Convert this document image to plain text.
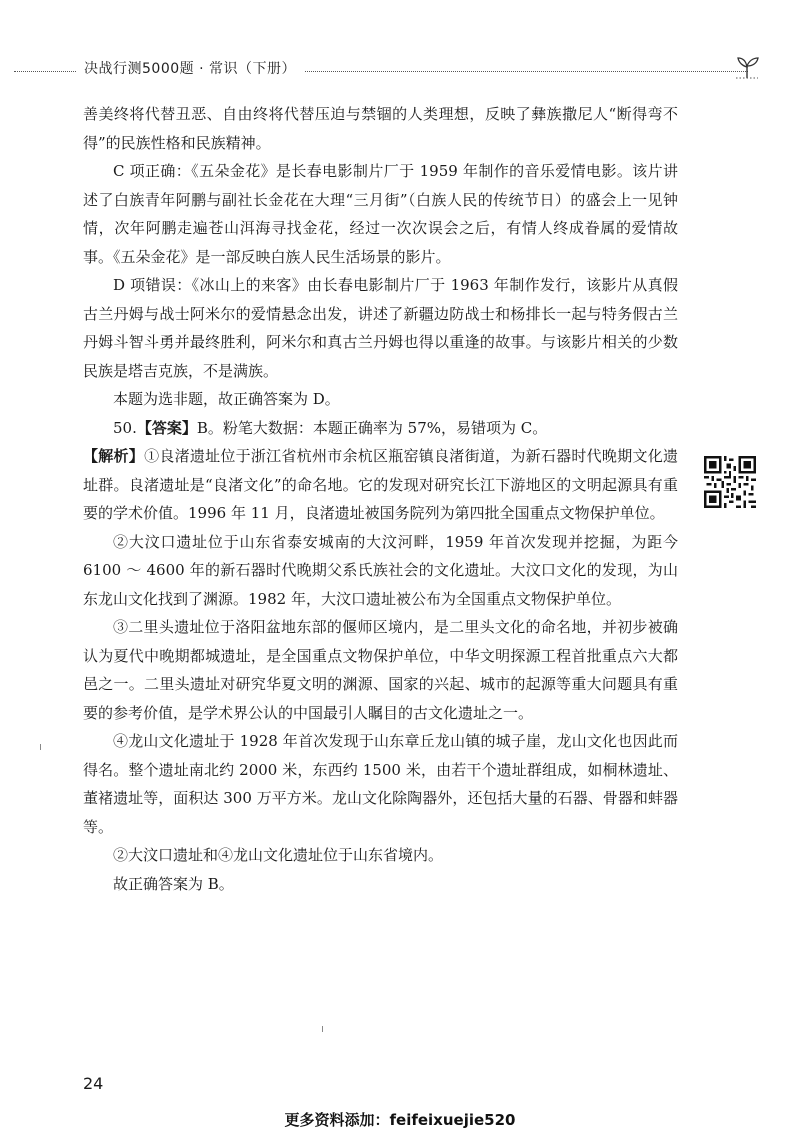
决战行测5000题 · 常识（下册）

善美终将代替丑恶、自由终将代替压迫与禁锢的人类理想，反映了彝族撒尼人“断得弯不得”的民族性格和民族精神。

C 项正确：《五朵金花》是长春电影制片厂于 1959 年制作的音乐爱情电影。该片讲述了白族青年阿鹏与副社长金花在大理“三月街”（白族人民的传统节日）的盛会上一见钟情，次年阿鹏走遍苍山洱海寻找金花，经过一次次误会之后，有情人终成眷属的爱情故事。《五朵金花》是一部反映白族人民生活场景的影片。

D 项错误：《冰山上的来客》由长春电影制片厂于 1963 年制作发行，该影片从真假古兰丹姆与战士阿米尔的爱情悬念出发，讲述了新疆边防战士和杨排长一起与特务假古兰丹姆斗智斗勇并最终胜利，阿米尔和真古兰丹姆也得以重逢的故事。与该影片相关的少数民族是塔吉克族，不是满族。

本题为选非题，故正确答案为 D。

50.【答案】B。粉笔大数据：本题正确率为 57%，易错项为 C。

【解析】①良渚遗址位于浙江省杭州市余杭区瓶窑镇良渚街道，为新石器时代晚期文化遗址群。良渚遗址是“良渚文化”的命名地。它的发现对研究长江下游地区的文明起源具有重要的学术价值。1996 年 11 月，良渚遗址被国务院列为第四批全国重点文物保护单位。

②大汶口遗址位于山东省泰安城南的大汶河畔，1959 年首次发现并挖掘，为距今 6100 ～ 4600 年的新石器时代晚期父系氏族社会的文化遗址。大汶口文化的发现，为山东龙山文化找到了渊源。1982 年，大汶口遗址被公布为全国重点文物保护单位。

③二里头遗址位于洛阳盆地东部的偃师区境内，是二里头文化的命名地，并初步被确认为夏代中晚期都城遗址，是全国重点文物保护单位，中华文明探源工程首批重点六大都邑之一。二里头遗址对研究华夏文明的渊源、国家的兴起、城市的起源等重大问题具有重要的参考价值，是学术界公认的中国最引人瞩目的古文化遗址之一。

④龙山文化遗址于 1928 年首次发现于山东章丘龙山镇的城子崖，龙山文化也因此而得名。整个遗址南北约 2000 米，东西约 1500 米，由若干个遗址群组成，如桐林遗址、董褚遗址等，面积达 300 万平方米。龙山文化除陶器外，还包括大量的石器、骨器和蚌器等。

②大汶口遗址和④龙山文化遗址位于山东省境内。

故正确答案为 B。

24
更多资料添加：feifeixuejie520
